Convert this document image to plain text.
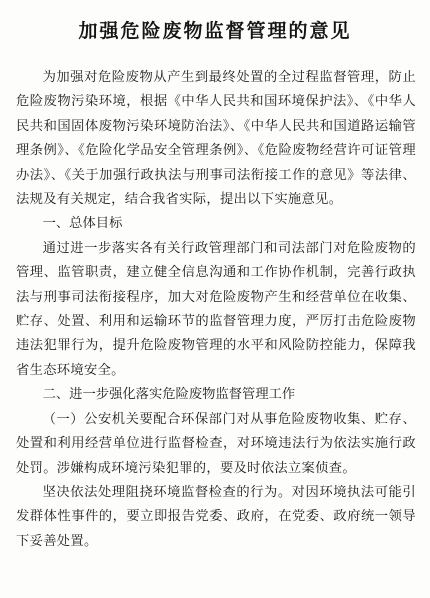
加强危险废物监督管理的意见

为加强对危险废物从产生到最终处置的全过程监督管理，防止危险废物污染环境，根据《中华人民共和国环境保护法》、《中华人民共和国固体废物污染环境防治法》、《中华人民共和国道路运输管理条例》、《危险化学品安全管理条例》、《危险废物经营许可证管理办法》、《关于加强行政执法与刑事司法衔接工作的意见》等法律、法规及有关规定，结合我省实际，提出以下实施意见。

一、总体目标

通过进一步落实各有关行政管理部门和司法部门对危险废物的管理、监管职责，建立健全信息沟通和工作协作机制，完善行政执法与刑事司法衔接程序，加大对危险废物产生和经营单位在收集、贮存、处置、利用和运输环节的监督管理力度，严厉打击危险废物违法犯罪行为，提升危险废物管理的水平和风险防控能力，保障我省生态环境安全。

二、进一步强化落实危险废物监督管理工作

（一）公安机关要配合环保部门对从事危险废物收集、贮存、处置和利用经营单位进行监督检查，对环境违法行为依法实施行政处罚。涉嫌构成环境污染犯罪的，要及时依法立案侦查。

坚决依法处理阻挠环境监督检查的行为。对因环境执法可能引发群体性事件的，要立即报告党委、政府，在党委、政府统一领导下妥善处置。
